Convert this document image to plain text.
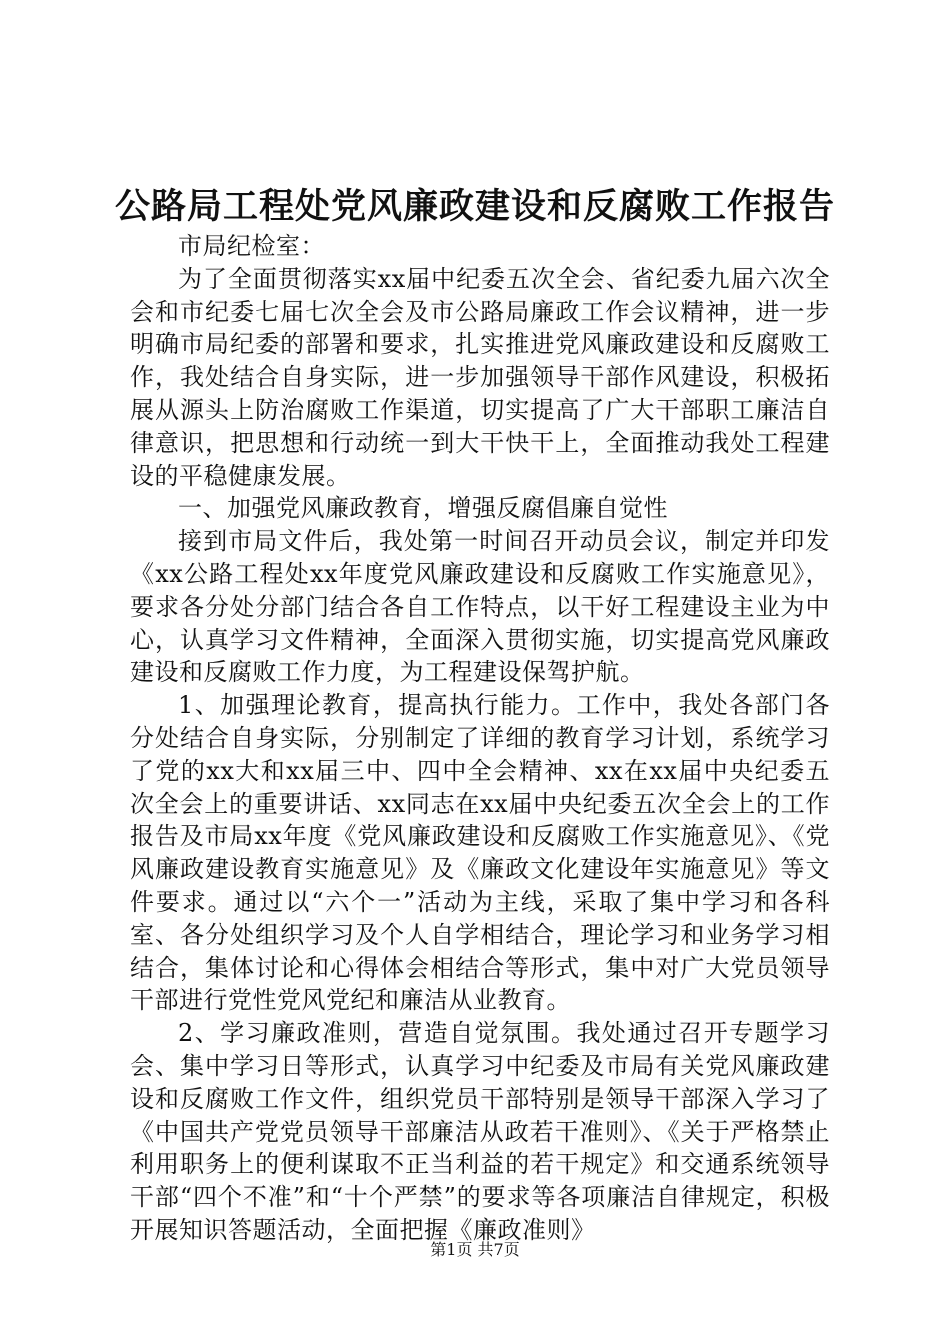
公路局工程处党风廉政建设和反腐败工作报告

市局纪检室：

为了全面贯彻落实xx届中纪委五次全会、省纪委九届六次全会和市纪委七届七次全会及市公路局廉政工作会议精神，进一步明确市局纪委的部署和要求，扎实推进党风廉政建设和反腐败工作，我处结合自身实际，进一步加强领导干部作风建设，积极拓展从源头上防治腐败工作渠道，切实提高了广大干部职工廉洁自律意识，把思想和行动统一到大干快干上，全面推动我处工程建设的平稳健康发展。

一、加强党风廉政教育，增强反腐倡廉自觉性

接到市局文件后，我处第一时间召开动员会议，制定并印发《xx公路工程处xx年度党风廉政建设和反腐败工作实施意见》，要求各分处分部门结合各自工作特点，以干好工程建设主业为中心，认真学习文件精神，全面深入贯彻实施，切实提高党风廉政建设和反腐败工作力度，为工程建设保驾护航。

1、加强理论教育，提高执行能力。工作中，我处各部门各分处结合自身实际，分别制定了详细的教育学习计划，系统学习了党的xx大和xx届三中、四中全会精神、xx在xx届中央纪委五次全会上的重要讲话、xx同志在xx届中央纪委五次全会上的工作报告及市局xx年度《党风廉政建设和反腐败工作实施意见》、《党风廉政建设教育实施意见》及《廉政文化建设年实施意见》等文件要求。通过以“六个一”活动为主线，采取了集中学习和各科室、各分处组织学习及个人自学相结合，理论学习和业务学习相结合，集体讨论和心得体会相结合等形式，集中对广大党员领导干部进行党性党风党纪和廉洁从业教育。

2、学习廉政准则，营造自觉氛围。我处通过召开专题学习会、集中学习日等形式，认真学习中纪委及市局有关党风廉政建设和反腐败工作文件，组织党员干部特别是领导干部深入学习了《中国共产党党员领导干部廉洁从政若干准则》、《关于严格禁止利用职务上的便利谋取不正当利益的若干规定》和交通系统领导干部“四个不准”和“十个严禁”的要求等各项廉洁自律规定，积极开展知识答题活动，全面把握《廉政准则》

第1页 共7页
